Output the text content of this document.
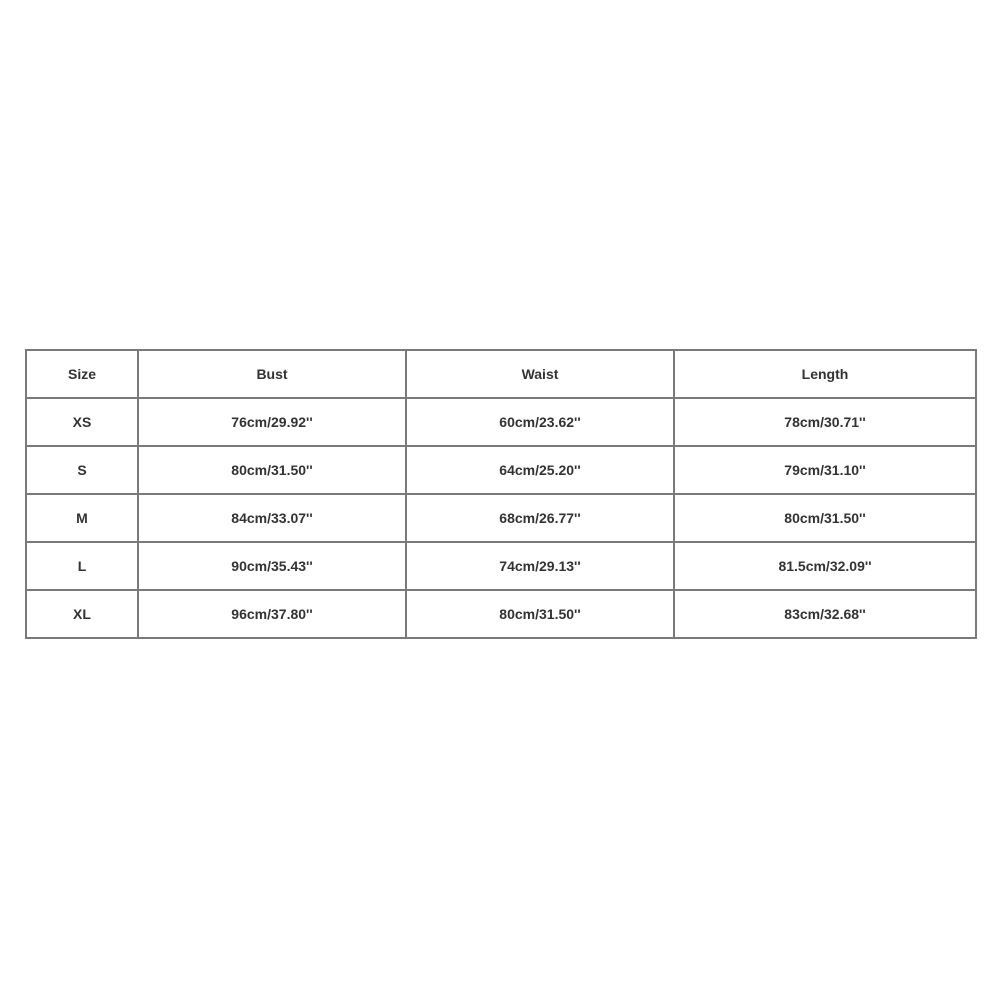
Size	Bust	Waist	Length
XS	76cm/29.92''	60cm/23.62''	78cm/30.71''
S	80cm/31.50''	64cm/25.20''	79cm/31.10''
M	84cm/33.07''	68cm/26.77''	80cm/31.50''
L	90cm/35.43''	74cm/29.13''	81.5cm/32.09''
XL	96cm/37.80''	80cm/31.50''	83cm/32.68''
